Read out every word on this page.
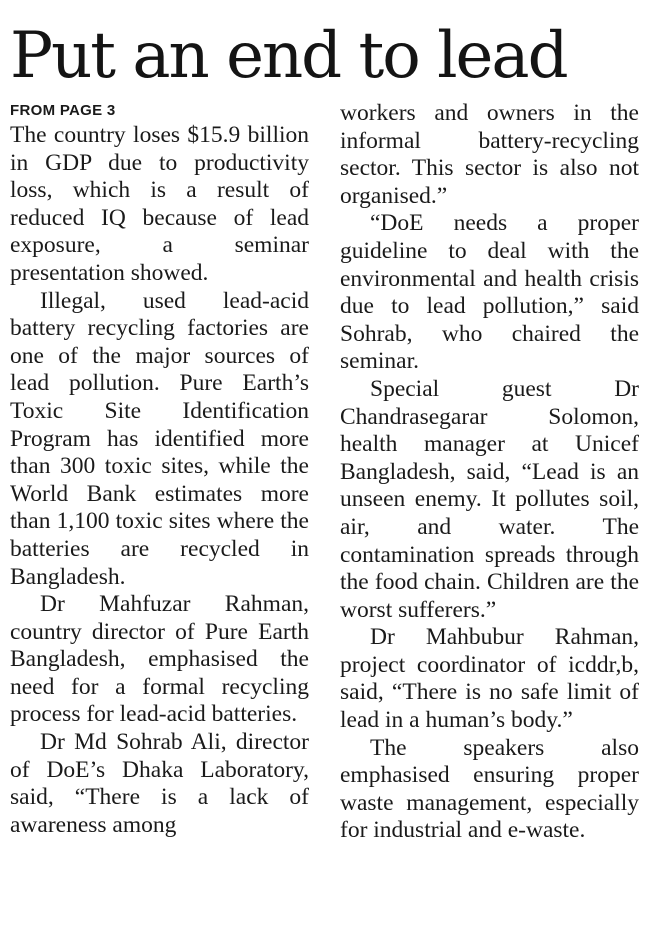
Put an end to lead
FROM PAGE 3

The country loses $15.9 billion in GDP due to productivity loss, which is a result of reduced IQ because of lead exposure, a seminar presentation showed.

Illegal, used lead-acid battery recycling factories are one of the major sources of lead pollution. Pure Earth’s Toxic Site Identification Program has identified more than 300 toxic sites, while the World Bank estimates more than 1,100 toxic sites where the batteries are recycled in Bangladesh.

Dr Mahfuzar Rahman, country director of Pure Earth Bangladesh, emphasised the need for a formal recycling process for lead-acid batteries.

Dr Md Sohrab Ali, director of DoE’s Dhaka Laboratory, said, “There is a lack of awareness among

workers and owners in the informal battery-recycling sector. This sector is also not organised.”

“DoE needs a proper guideline to deal with the environmental and health crisis due to lead pollution,” said Sohrab, who chaired the seminar.

Special guest Dr Chandrasegarar Solomon, health manager at Unicef Bangladesh, said, “Lead is an unseen enemy. It pollutes soil, air, and water. The contamination spreads through the food chain. Children are the worst sufferers.”

Dr Mahbubur Rahman, project coordinator of icddr,b, said, “There is no safe limit of lead in a human’s body.”

The speakers also emphasised ensuring proper waste management, especially for industrial and e-waste.
